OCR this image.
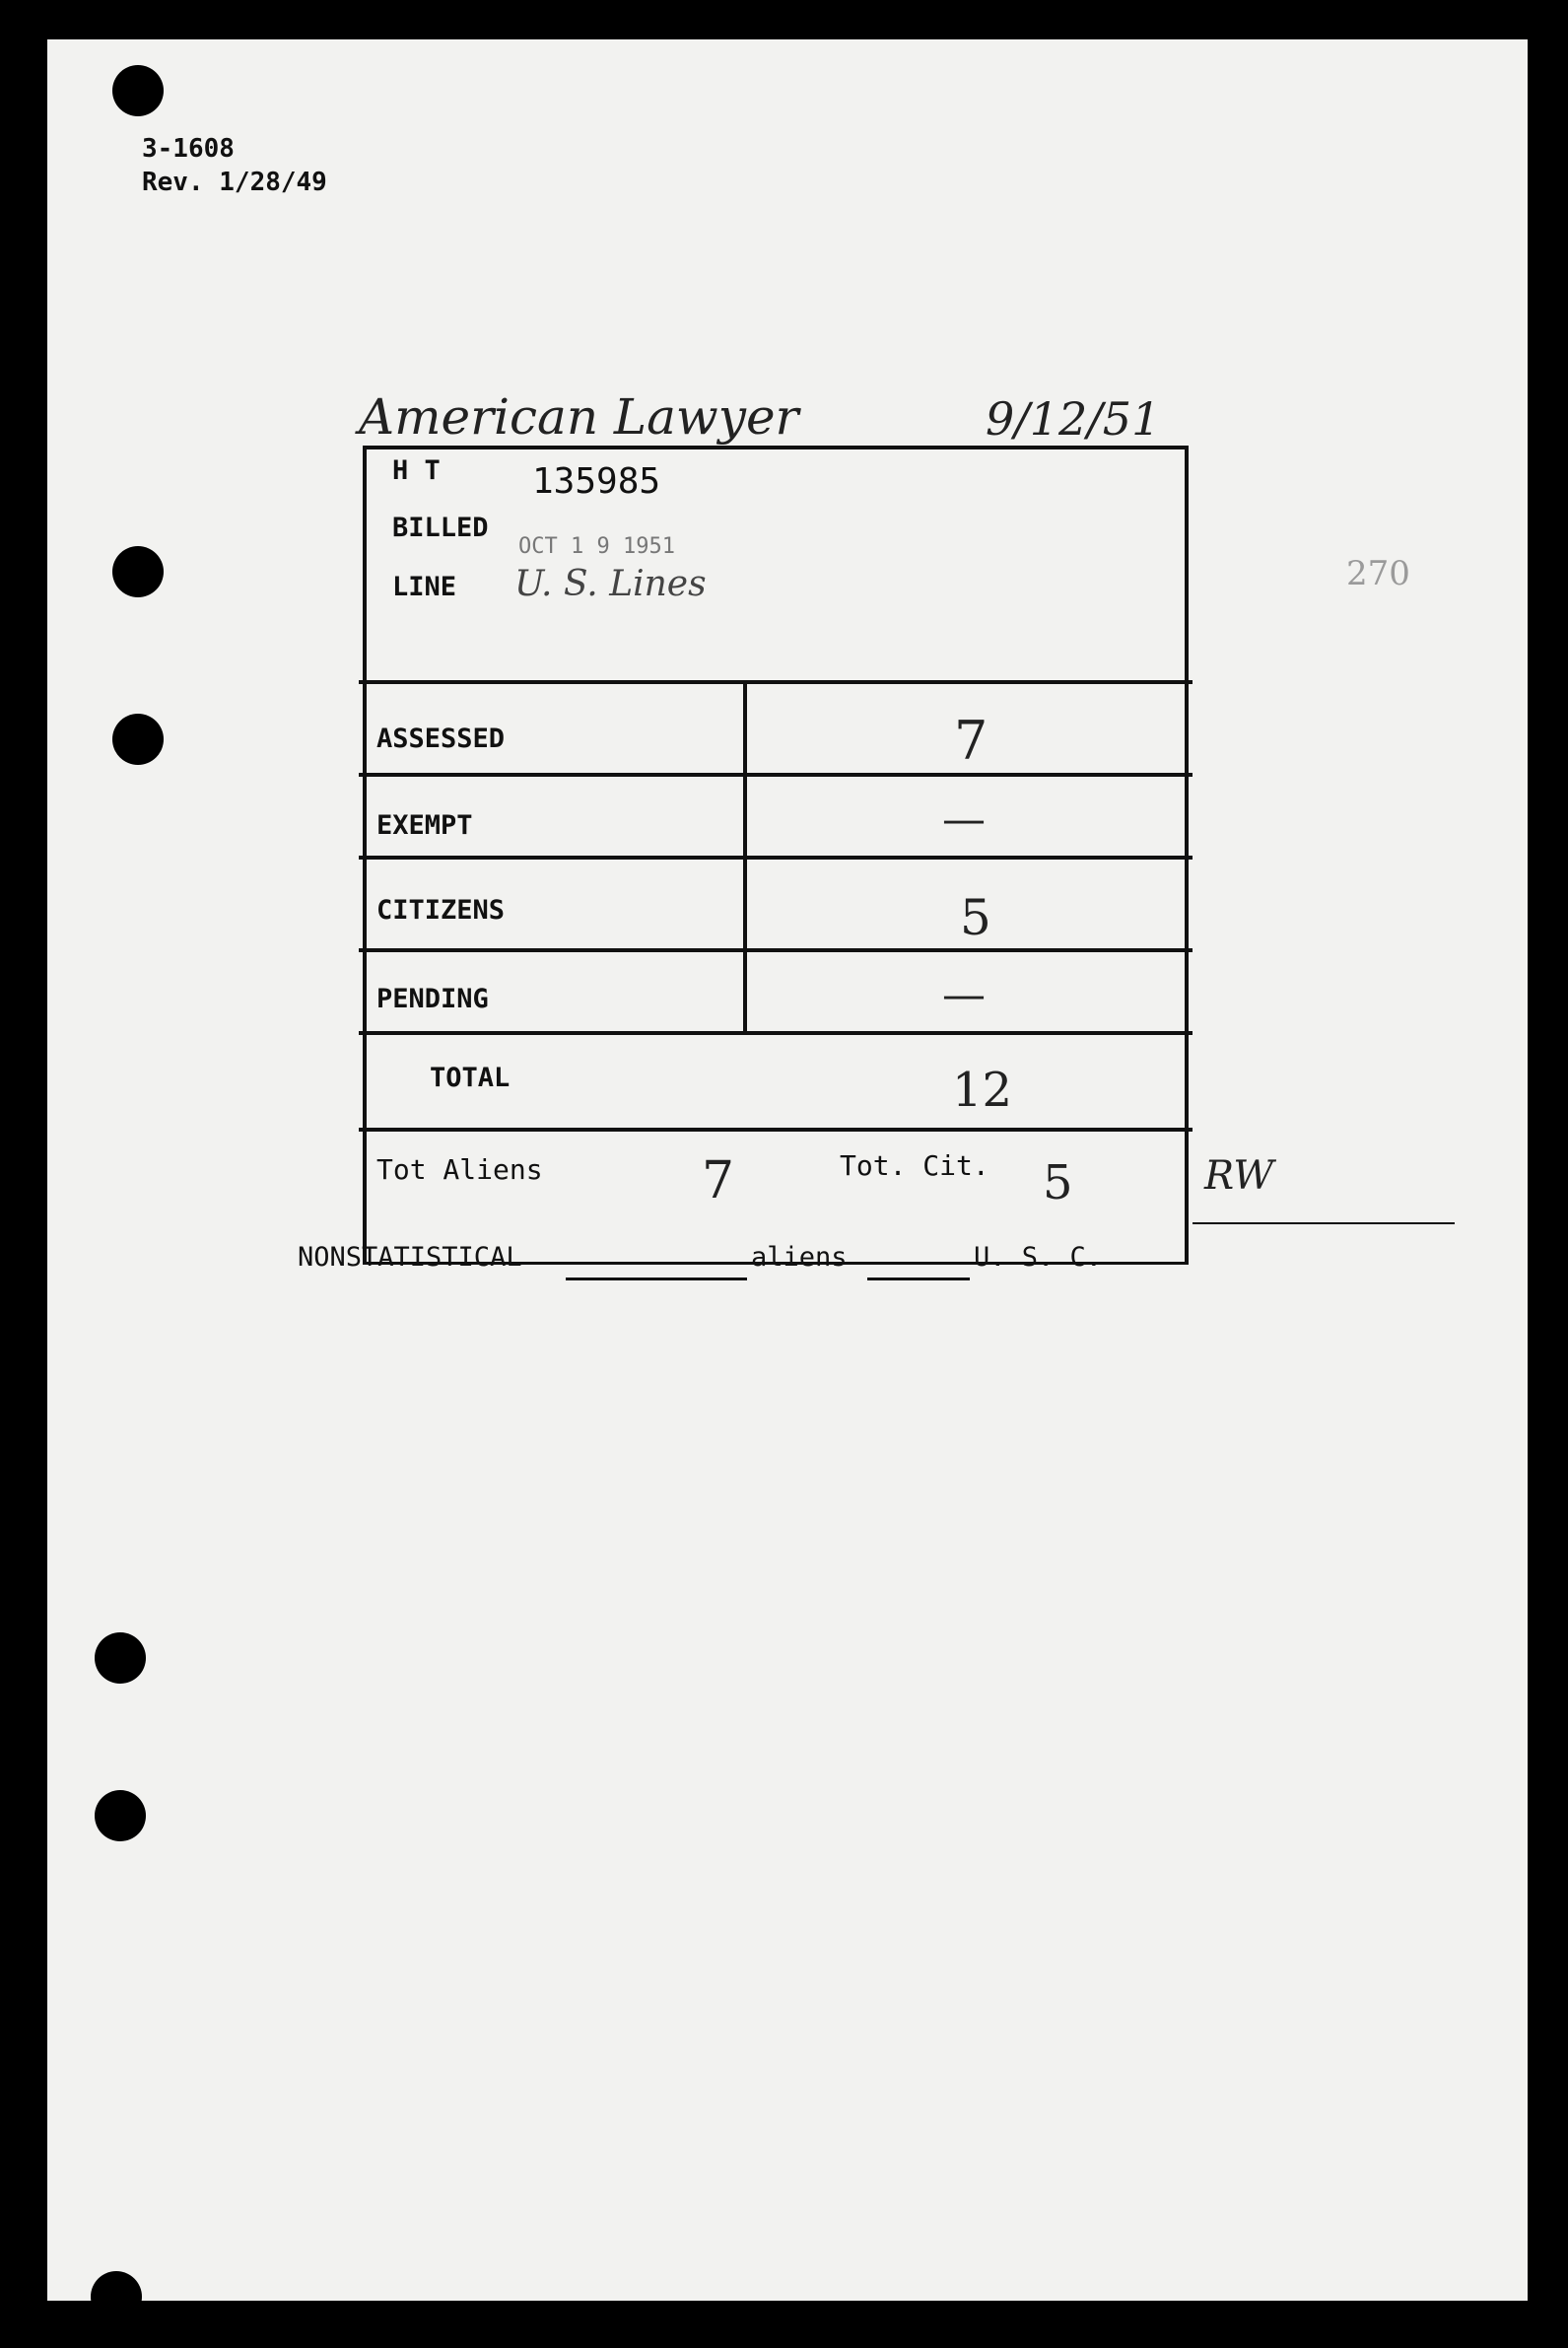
3-1608
Rev. 1/28/49
American Lawyer	9/12/51
270
H T	135985
BILLED
OCT 1 9 1951
LINE U. S. Lines
ASSESSED	7
EXEMPT	—
CITIZENS	5
PENDING	—
TOTAL	12
Tot Aliens	7	Tot. Cit. 5	RW
NONSTATISTICAL	aliens	U. S. C.
